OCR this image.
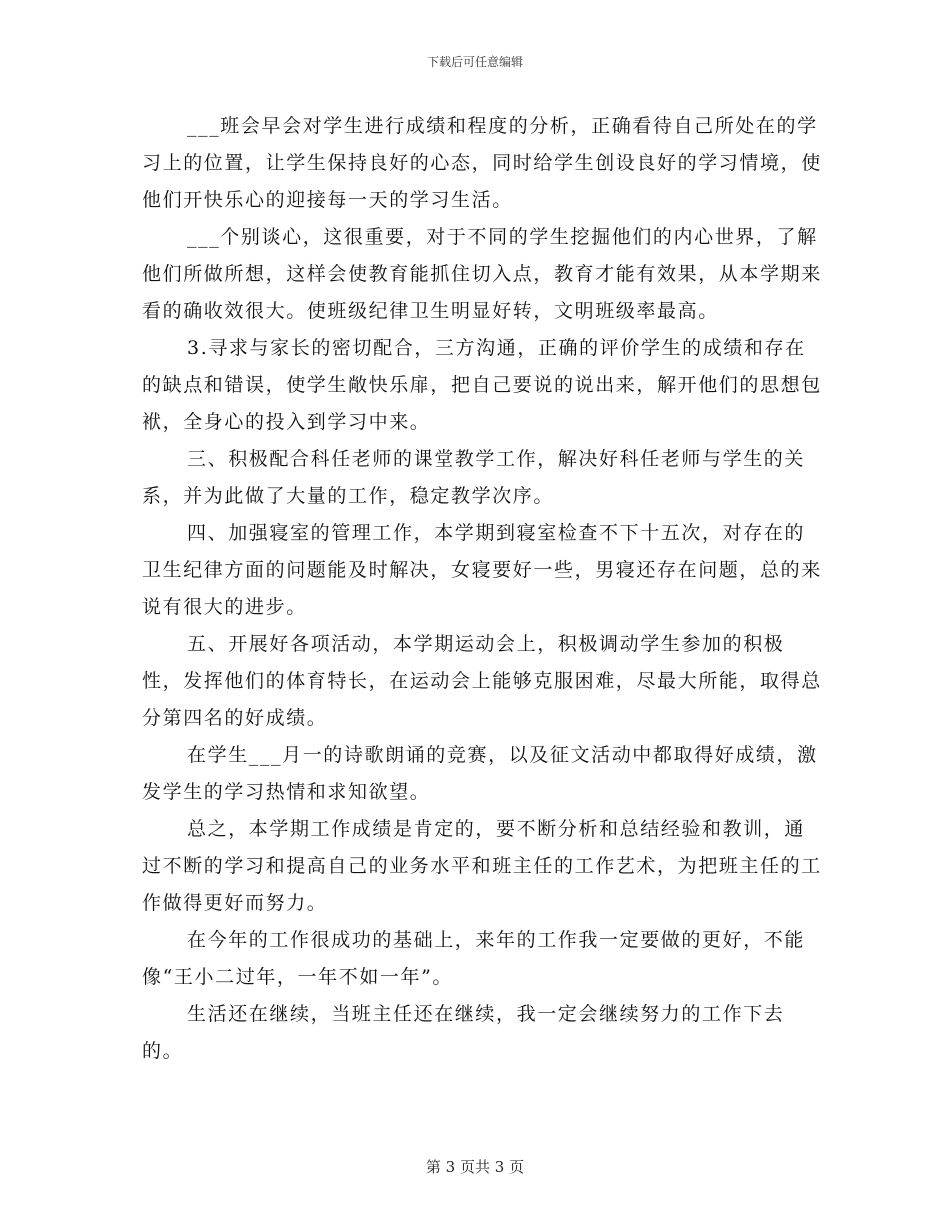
下载后可任意编辑

___班会早会对学生进行成绩和程度的分析，正确看待自己所处在的学习上的位置，让学生保持良好的心态，同时给学生创设良好的学习情境，使他们开快乐心的迎接每一天的学习生活。

___个别谈心，这很重要，对于不同的学生挖掘他们的内心世界，了解他们所做所想，这样会使教育能抓住切入点，教育才能有效果，从本学期来看的确收效很大。使班级纪律卫生明显好转，文明班级率最高。

3.寻求与家长的密切配合，三方沟通，正确的评价学生的成绩和存在的缺点和错误，使学生敞快乐扉，把自己要说的说出来，解开他们的思想包袱，全身心的投入到学习中来。

三、积极配合科任老师的课堂教学工作，解决好科任老师与学生的关系，并为此做了大量的工作，稳定教学次序。

四、加强寝室的管理工作，本学期到寝室检查不下十五次，对存在的卫生纪律方面的问题能及时解决，女寝要好一些，男寝还存在问题，总的来说有很大的进步。

五、开展好各项活动，本学期运动会上，积极调动学生参加的积极性，发挥他们的体育特长，在运动会上能够克服困难，尽最大所能，取得总分第四名的好成绩。

在学生___月一的诗歌朗诵的竞赛，以及征文活动中都取得好成绩，激发学生的学习热情和求知欲望。

总之，本学期工作成绩是肯定的，要不断分析和总结经验和教训，通过不断的学习和提高自己的业务水平和班主任的工作艺术，为把班主任的工作做得更好而努力。

在今年的工作很成功的基础上，来年的工作我一定要做的更好，不能像“王小二过年，一年不如一年”。

生活还在继续，当班主任还在继续，我一定会继续努力的工作下去的。

第 3 页共 3 页
